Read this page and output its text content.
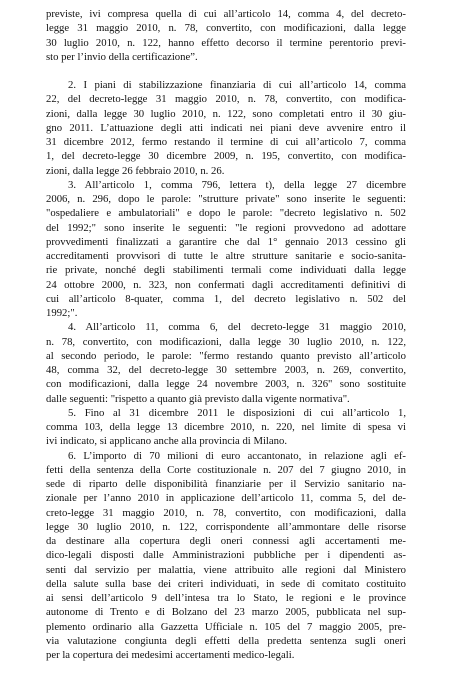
previste, ivi compresa quella di cui all’articolo 14, comma 4, del decreto-
legge 31 maggio 2010, n. 78, convertito, con modificazioni, dalla legge
30 luglio 2010, n. 122, hanno effetto decorso il termine perentorio previ-
sto per l’invio della certificazione”.
2. I piani di stabilizzazione finanziaria di cui all’articolo 14, comma
22, del decreto-legge 31 maggio 2010, n. 78, convertito, con modifica-
zioni, dalla legge 30 luglio 2010, n. 122, sono completati entro il 30 giu-
gno 2011. L’attuazione degli atti indicati nei piani deve avvenire entro il
31 dicembre 2012, fermo restando il termine di cui all’articolo 7, comma
1, del decreto-legge 30 dicembre 2009, n. 195, convertito, con modifica-
zioni, dalla legge 26 febbraio 2010, n. 26.
3. All’articolo 1, comma 796, lettera t), della legge 27 dicembre
2006, n. 296, dopo le parole: "strutture private" sono inserite le seguenti:
"ospedaliere e ambulatoriali" e dopo le parole: "decreto legislativo n. 502
del 1992;" sono inserite le seguenti: "le regioni provvedono ad adottare
provvedimenti finalizzati a garantire che dal 1° gennaio 2013 cessino gli
accreditamenti provvisori di tutte le altre strutture sanitarie e socio-sanita-
rie private, nonché degli stabilimenti termali come individuati dalla legge
24 ottobre 2000, n. 323, non confermati dagli accreditamenti definitivi di
cui all’articolo 8-quater, comma 1, del decreto legislativo n. 502 del
1992;".
4. All’articolo 11, comma 6, del decreto-legge 31 maggio 2010,
n. 78, convertito, con modificazioni, dalla legge 30 luglio 2010, n. 122,
al secondo periodo, le parole: "fermo restando quanto previsto all’articolo
48, comma 32, del decreto-legge 30 settembre 2003, n. 269, convertito,
con modificazioni, dalla legge 24 novembre 2003, n. 326" sono sostituite
dalle seguenti: "rispetto a quanto già previsto dalla vigente normativa".
5. Fino al 31 dicembre 2011 le disposizioni di cui all’articolo 1,
comma 103, della legge 13 dicembre 2010, n. 220, nel limite di spesa vi
ivi indicato, si applicano anche alla provincia di Milano.
6. L’importo di 70 milioni di euro accantonato, in relazione agli ef-
fetti della sentenza della Corte costituzionale n. 207 del 7 giugno 2010, in
sede di riparto delle disponibilità finanziarie per il Servizio sanitario na-
zionale per l’anno 2010 in applicazione dell’articolo 11, comma 5, del de-
creto-legge 31 maggio 2010, n. 78, convertito, con modificazioni, dalla
legge 30 luglio 2010, n. 122, corrispondente all’ammontare delle risorse
da destinare alla copertura degli oneri connessi agli accertamenti me-
dico-legali disposti dalle Amministrazioni pubbliche per i dipendenti as-
senti dal servizio per malattia, viene attribuito alle regioni dal Ministero
della salute sulla base dei criteri individuati, in sede di comitato costituito
ai sensi dell’articolo 9 dell’intesa tra lo Stato, le regioni e le province
autonome di Trento e di Bolzano del 23 marzo 2005, pubblicata nel sup-
plemento ordinario alla Gazzetta Ufficiale n. 105 del 7 maggio 2005, pre-
via valutazione congiunta degli effetti della predetta sentenza sugli oneri
per la copertura dei medesimi accertamenti medico-legali.
